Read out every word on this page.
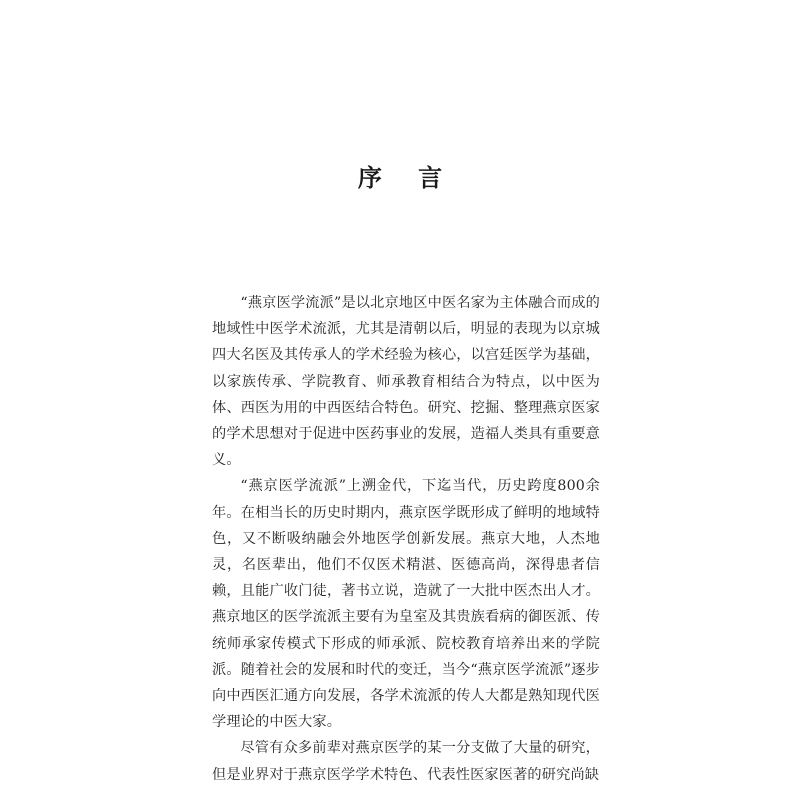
序 言

“燕京医学流派”是以北京地区中医名家为主体融合而成的地域性中医学术流派，尤其是清朝以后，明显的表现为以京城四大名医及其传承人的学术经验为核心，以宫廷医学为基础，以家族传承、学院教育、师承教育相结合为特点，以中医为体、西医为用的中西医结合特色。研究、挖掘、整理燕京医家的学术思想对于促进中医药事业的发展，造福人类具有重要意义。

“燕京医学流派”上溯金代，下迄当代，历史跨度800余年。在相当长的历史时期内，燕京医学既形成了鲜明的地域特色，又不断吸纳融会外地医学创新发展。燕京大地，人杰地灵，名医辈出，他们不仅医术精湛、医德高尚，深得患者信赖，且能广收门徒，著书立说，造就了一大批中医杰出人才。燕京地区的医学流派主要有为皇室及其贵族看病的御医派、传统师承家传模式下形成的师承派、院校教育培养出来的学院派。随着社会的发展和时代的变迁，当今“燕京医学流派”逐步向中西医汇通方向发展，各学术流派的传人大都是熟知现代医学理论的中医大家。

尽管有众多前辈对燕京医学的某一分支做了大量的研究，但是业界对于燕京医学学术特色、代表性医家医著的研究尚缺
